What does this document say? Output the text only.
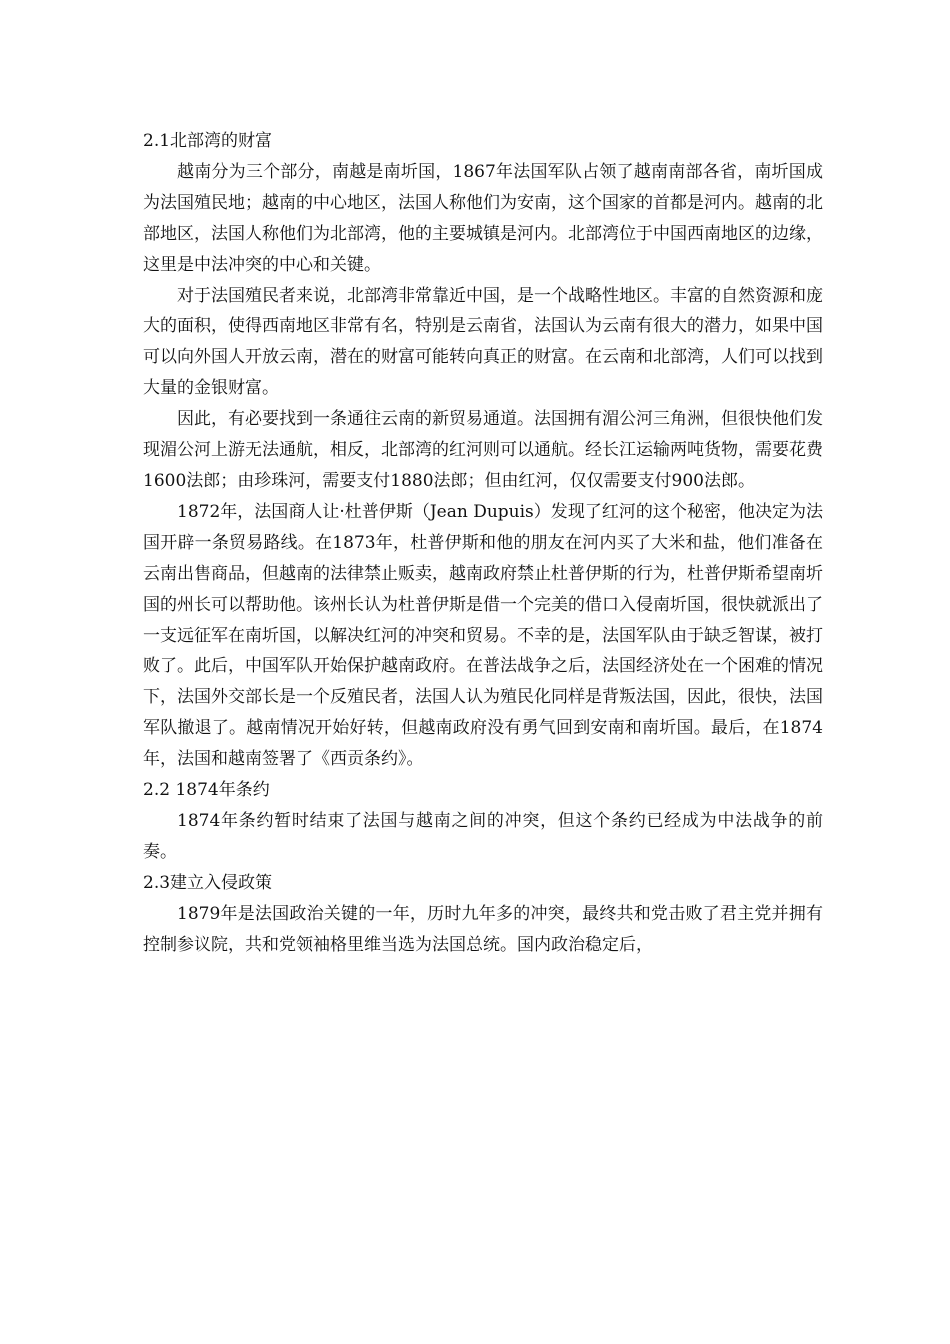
2.1北部湾的财富

越南分为三个部分，南越是南圻国，1867年法国军队占领了越南南部各省，南圻国成为法国殖民地；越南的中心地区，法国人称他们为安南，这个国家的首都是河内。越南的北部地区，法国人称他们为北部湾，他的主要城镇是河内。北部湾位于中国西南地区的边缘，这里是中法冲突的中心和关键。

对于法国殖民者来说，北部湾非常靠近中国，是一个战略性地区。丰富的自然资源和庞大的面积，使得西南地区非常有名，特别是云南省，法国认为云南有很大的潜力，如果中国可以向外国人开放云南，潜在的财富可能转向真正的财富。在云南和北部湾，人们可以找到大量的金银财富。

因此，有必要找到一条通往云南的新贸易通道。法国拥有湄公河三角洲，但很快他们发现湄公河上游无法通航，相反，北部湾的红河则可以通航。经长江运输两吨货物，需要花费1600法郎；由珍珠河，需要支付1880法郎；但由红河，仅仅需要支付900法郎。

1872年，法国商人让·杜普伊斯（Jean Dupuis）发现了红河的这个秘密，他决定为法国开辟一条贸易路线。在1873年，杜普伊斯和他的朋友在河内买了大米和盐，他们准备在云南出售商品，但越南的法律禁止贩卖，越南政府禁止杜普伊斯的行为，杜普伊斯希望南圻国的州长可以帮助他。该州长认为杜普伊斯是借一个完美的借口入侵南圻国，很快就派出了一支远征军在南圻国，以解决红河的冲突和贸易。不幸的是，法国军队由于缺乏智谋，被打败了。此后，中国军队开始保护越南政府。在普法战争之后，法国经济处在一个困难的情况下，法国外交部长是一个反殖民者，法国人认为殖民化同样是背叛法国，因此，很快，法国军队撤退了。越南情况开始好转，但越南政府没有勇气回到安南和南圻国。最后，在1874年，法国和越南签署了《西贡条约》。

2.2 1874年条约

1874年条约暂时结束了法国与越南之间的冲突，但这个条约已经成为中法战争的前奏。

2.3建立入侵政策

1879年是法国政治关键的一年，历时九年多的冲突，最终共和党击败了君主党并拥有控制参议院，共和党领袖格里维当选为法国总统。国内政治稳定后，
